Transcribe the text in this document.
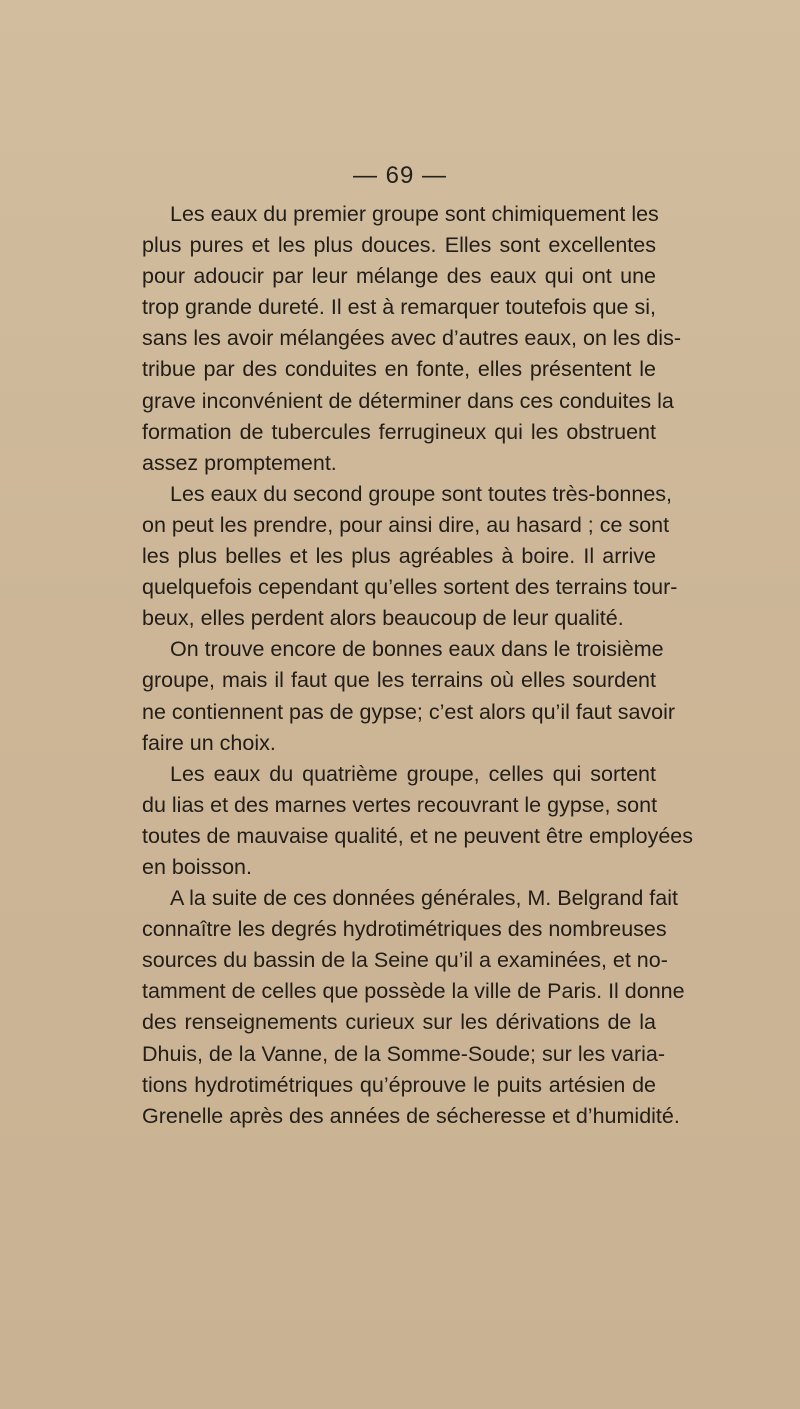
— 69 —
Les eaux du premier groupe sont chimiquement les
plus pures et les plus douces. Elles sont excellentes
pour adoucir par leur mélange des eaux qui ont une
trop grande dureté. Il est à remarquer toutefois que si,
sans les avoir mélangées avec d’autres eaux, on les dis-
tribue par des conduites en fonte, elles présentent le
grave inconvénient de déterminer dans ces conduites la
formation de tubercules ferrugineux qui les obstruent
assez promptement.
Les eaux du second groupe sont toutes très-bonnes,
on peut les prendre, pour ainsi dire, au hasard ; ce sont
les plus belles et les plus agréables à boire. Il arrive
quelquefois cependant qu’elles sortent des terrains tour-
beux, elles perdent alors beaucoup de leur qualité.
On trouve encore de bonnes eaux dans le troisième
groupe, mais il faut que les terrains où elles sourdent
ne contiennent pas de gypse; c’est alors qu’il faut savoir
faire un choix.
Les eaux du quatrième groupe, celles qui sortent
du lias et des marnes vertes recouvrant le gypse, sont
toutes de mauvaise qualité, et ne peuvent être employées
en boisson.
A la suite de ces données générales, M. Belgrand fait
connaître les degrés hydrotimétriques des nombreuses
sources du bassin de la Seine qu’il a examinées, et no-
tamment de celles que possède la ville de Paris. Il donne
des renseignements curieux sur les dérivations de la
Dhuis, de la Vanne, de la Somme-Soude; sur les varia-
tions hydrotimétriques qu’éprouve le puits artésien de
Grenelle après des années de sécheresse et d’humidité.
